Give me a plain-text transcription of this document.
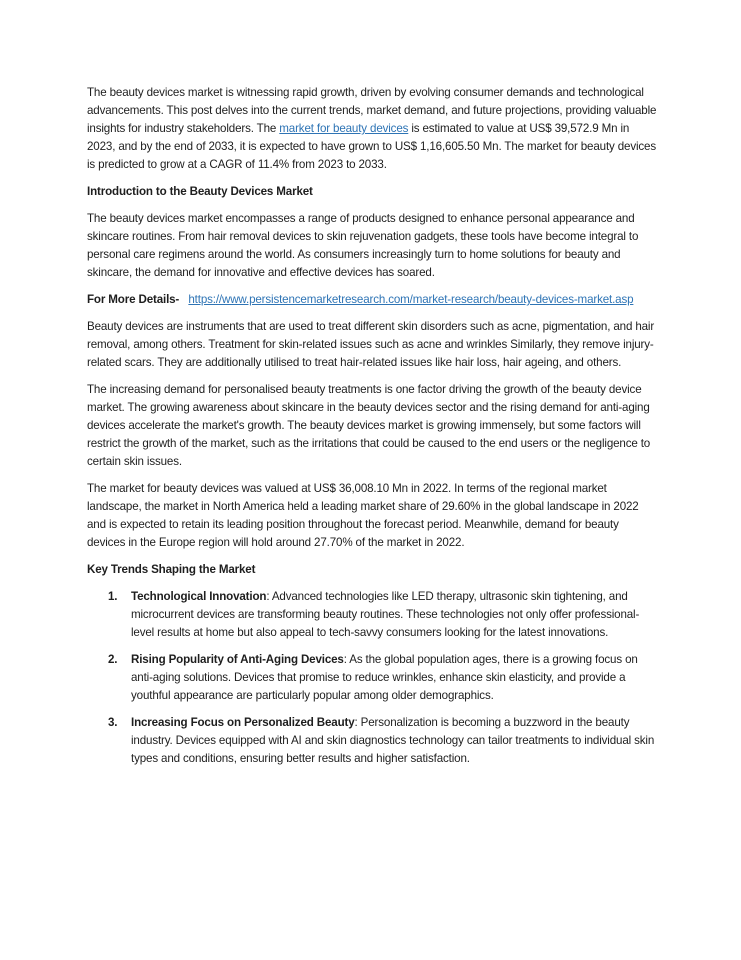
The beauty devices market is witnessing rapid growth, driven by evolving consumer demands and technological advancements. This post delves into the current trends, market demand, and future projections, providing valuable insights for industry stakeholders. The market for beauty devices is estimated to value at US$ 39,572.9 Mn in 2023, and by the end of 2033, it is expected to have grown to US$ 1,16,605.50 Mn. The market for beauty devices is predicted to grow at a CAGR of 11.4% from 2023 to 2033.

Introduction to the Beauty Devices Market

The beauty devices market encompasses a range of products designed to enhance personal appearance and skincare routines. From hair removal devices to skin rejuvenation gadgets, these tools have become integral to personal care regimens around the world. As consumers increasingly turn to home solutions for beauty and skincare, the demand for innovative and effective devices has soared.

For More Details- https://www.persistencemarketresearch.com/market-research/beauty-devices-market.asp

Beauty devices are instruments that are used to treat different skin disorders such as acne, pigmentation, and hair removal, among others. Treatment for skin-related issues such as acne and wrinkles Similarly, they remove injury-related scars. They are additionally utilised to treat hair-related issues like hair loss, hair ageing, and others.

The increasing demand for personalised beauty treatments is one factor driving the growth of the beauty device market. The growing awareness about skincare in the beauty devices sector and the rising demand for anti-aging devices accelerate the market's growth. The beauty devices market is growing immensely, but some factors will restrict the growth of the market, such as the irritations that could be caused to the end users or the negligence to certain skin issues.

The market for beauty devices was valued at US$ 36,008.10 Mn in 2022. In terms of the regional market landscape, the market in North America held a leading market share of 29.60% in the global landscape in 2022 and is expected to retain its leading position throughout the forecast period. Meanwhile, demand for beauty devices in the Europe region will hold around 27.70% of the market in 2022.

Key Trends Shaping the Market
1. Technological Innovation: Advanced technologies like LED therapy, ultrasonic skin tightening, and microcurrent devices are transforming beauty routines. These technologies not only offer professional-level results at home but also appeal to tech-savvy consumers looking for the latest innovations.
2. Rising Popularity of Anti-Aging Devices: As the global population ages, there is a growing focus on anti-aging solutions. Devices that promise to reduce wrinkles, enhance skin elasticity, and provide a youthful appearance are particularly popular among older demographics.
3. Increasing Focus on Personalized Beauty: Personalization is becoming a buzzword in the beauty industry. Devices equipped with AI and skin diagnostics technology can tailor treatments to individual skin types and conditions, ensuring better results and higher satisfaction.
